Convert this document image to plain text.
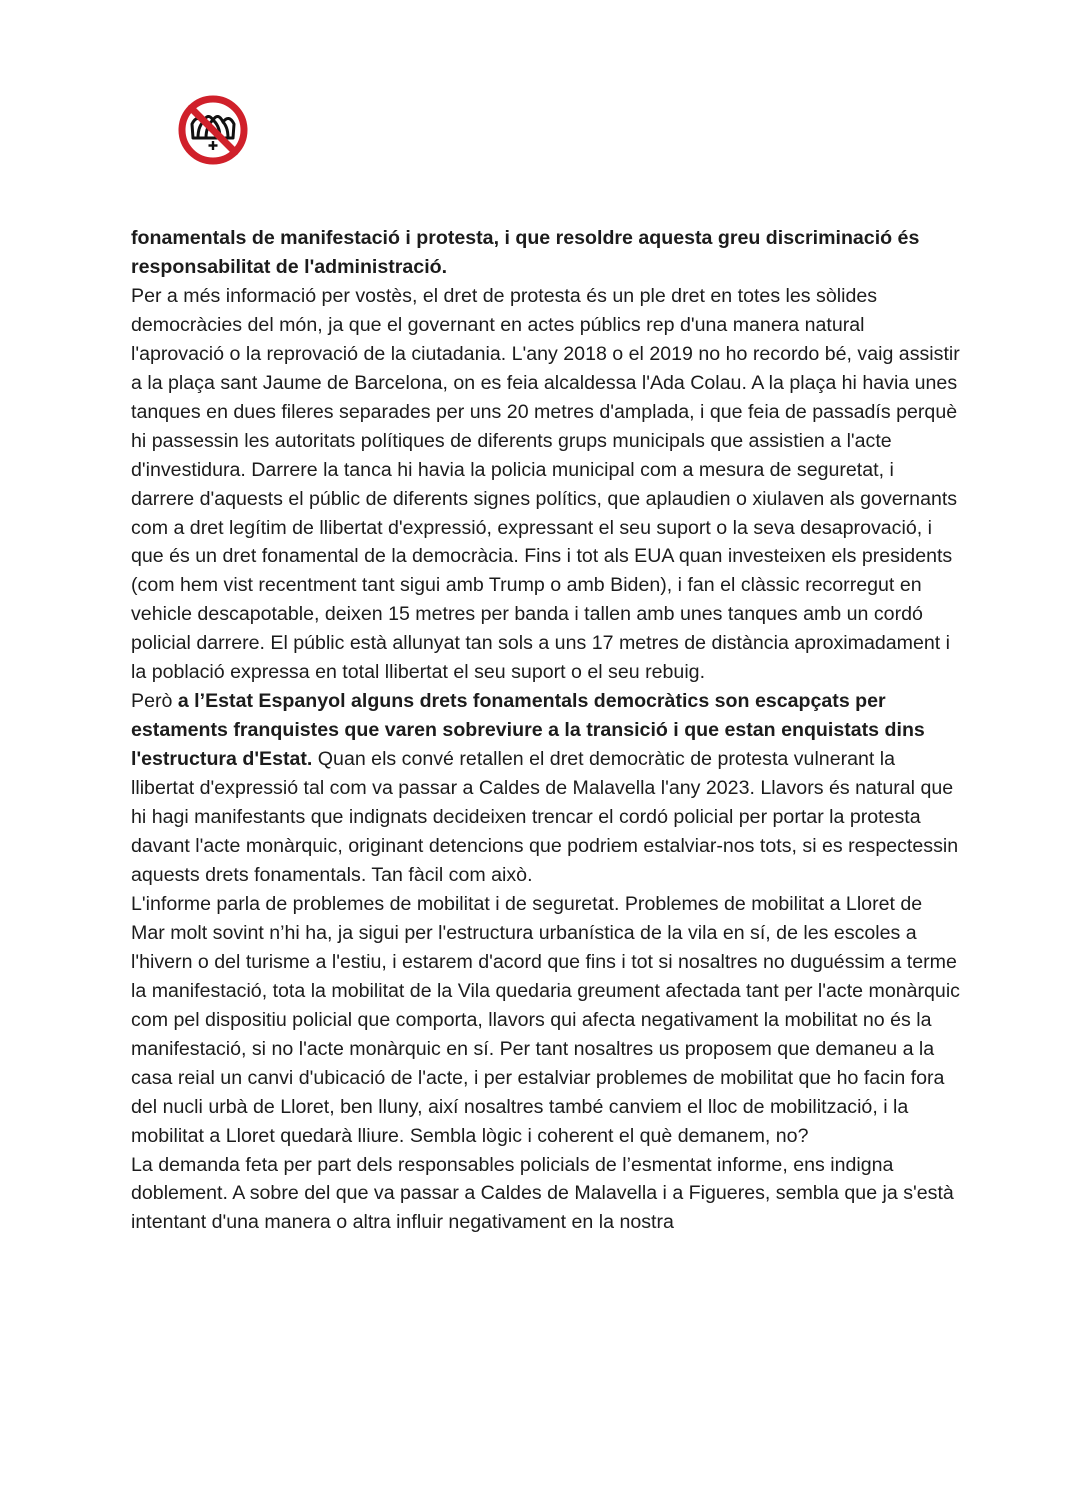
fonamentals de manifestació i protesta, i que resoldre aquesta greu discriminació és responsabilitat de l'administració.

Per a més informació per vostès, el dret de protesta és un ple dret en totes les sòlides democràcies del món, ja que el governant en actes públics rep d'una manera natural l'aprovació o la reprovació de la ciutadania. L'any 2018 o el 2019 no ho recordo bé, vaig assistir a la plaça sant Jaume de Barcelona, on es feia alcaldessa l'Ada Colau. A la plaça hi havia unes tanques en dues fileres separades per uns 20 metres d'amplada, i que feia de passadís perquè hi passessin les autoritats polítiques de diferents grups municipals que assistien a l'acte d'investidura. Darrere la tanca hi havia la policia municipal com a mesura de seguretat, i darrere d'aquests el públic de diferents signes polítics, que aplaudien o xiulaven als governants com a dret legítim de llibertat d'expressió, expressant el seu suport o la seva desaprovació, i que és un dret fonamental de la democràcia. Fins i tot als EUA quan investeixen els presidents (com hem vist recentment tant sigui amb Trump o amb Biden), i fan el clàssic recorregut en vehicle descapotable, deixen 15 metres per banda i tallen amb unes tanques amb un cordó policial darrere. El públic està allunyat tan sols a uns 17 metres de distància aproximadament i la població expressa en total llibertat el seu suport o el seu rebuig.

Però a l’Estat Espanyol alguns drets fonamentals democràtics son escapçats per estaments franquistes que varen sobreviure a la transició i que estan enquistats dins l'estructura d'Estat. Quan els convé retallen el dret democràtic de protesta vulnerant la llibertat d'expressió tal com va passar a Caldes de Malavella l'any 2023. Llavors és natural que hi hagi manifestants que indignats decideixen trencar el cordó policial per portar la protesta davant l'acte monàrquic, originant detencions que podriem estalviar-nos tots, si es respectessin aquests drets fonamentals. Tan fàcil com això.

L'informe parla de problemes de mobilitat i de seguretat. Problemes de mobilitat a Lloret de Mar molt sovint n’hi ha, ja sigui per l'estructura urbanística de la vila en sí, de les escoles a l'hivern o del turisme a l'estiu, i estarem d'acord que fins i tot si nosaltres no duguéssim a terme la manifestació, tota la mobilitat de la Vila quedaria greument afectada tant per l'acte monàrquic com pel dispositiu policial que comporta, llavors qui afecta negativament la mobilitat no és la manifestació, si no l'acte monàrquic en sí. Per tant nosaltres us proposem que demaneu a la casa reial un canvi d'ubicació de l'acte, i per estalviar problemes de mobilitat que ho facin fora del nucli urbà de Lloret, ben lluny, així nosaltres també canviem el lloc de mobilització, i la mobilitat a Lloret quedarà lliure. Sembla lògic i coherent el què demanem, no?

La demanda feta per part dels responsables policials de l’esmentat informe, ens indigna doblement. A sobre del que va passar a Caldes de Malavella i a Figueres, sembla que ja s'està intentant d'una manera o altra influir negativament en la nostra
